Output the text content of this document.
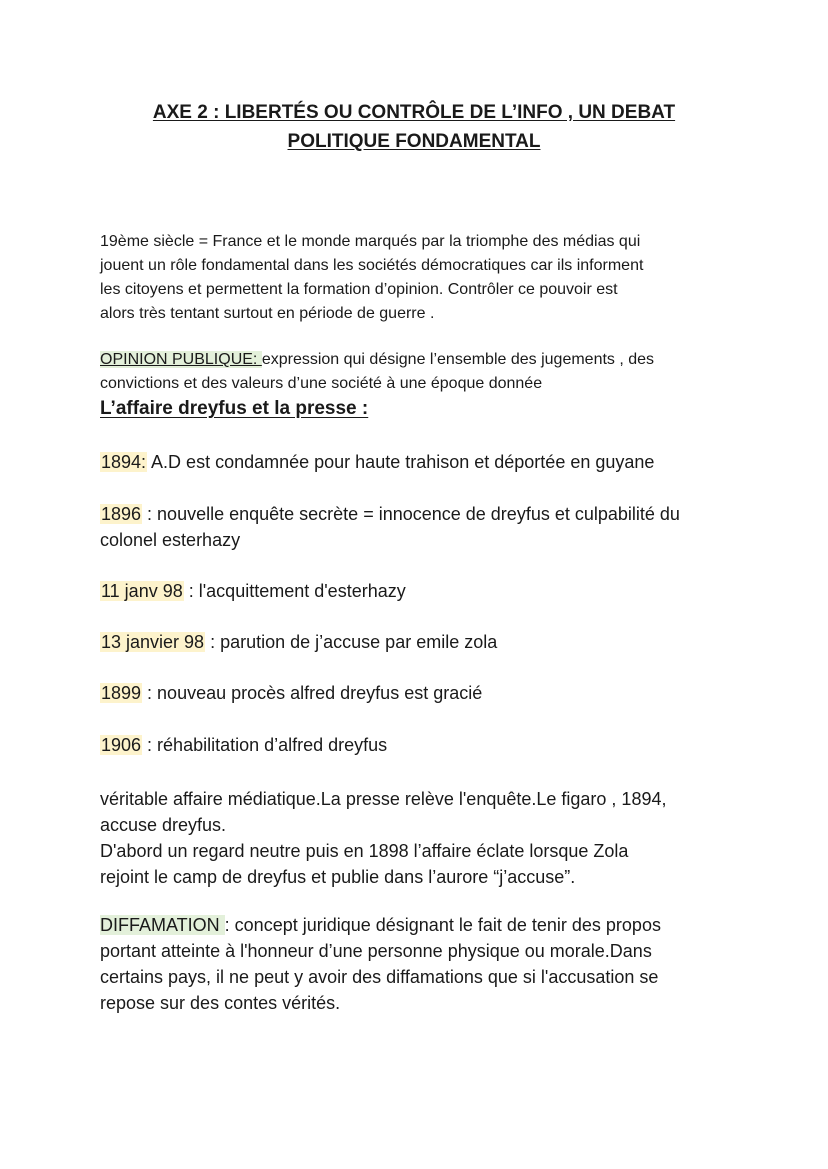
AXE 2 : LIBERTÉS OU CONTRÔLE DE L’INFO , UN DEBAT
POLITIQUE FONDAMENTAL
19ème siècle = France et le monde marqués par la triomphe des médias qui
jouent un rôle fondamental dans les sociétés démocratiques car ils informent
les citoyens et permettent la formation d’opinion. Contrôler ce pouvoir est
alors très tentant surtout en période de guerre .
OPINION PUBLIQUE: expression qui désigne l’ensemble des jugements , des
convictions et des valeurs d’une société à une époque donnée
L’affaire dreyfus et la presse :
1894: A.D est condamnée pour haute trahison et déportée en guyane
1896 : nouvelle enquête secrète = innocence de dreyfus et culpabilité du
colonel esterhazy
11 janv 98 : l'acquittement d'esterhazy
13 janvier 98 : parution de j’accuse par emile zola
1899 : nouveau procès alfred dreyfus est gracié
1906 : réhabilitation d’alfred dreyfus
véritable affaire médiatique.La presse relève l'enquête.Le figaro , 1894,
accuse dreyfus.
D'abord un regard neutre puis en 1898 l’affaire éclate lorsque Zola
rejoint le camp de dreyfus et publie dans l’aurore “j’accuse”.
DIFFAMATION : concept juridique désignant le fait de tenir des propos
portant atteinte à l'honneur d’une personne physique ou morale.Dans
certains pays, il ne peut y avoir des diffamations que si l'accusation se
repose sur des contes vérités.
